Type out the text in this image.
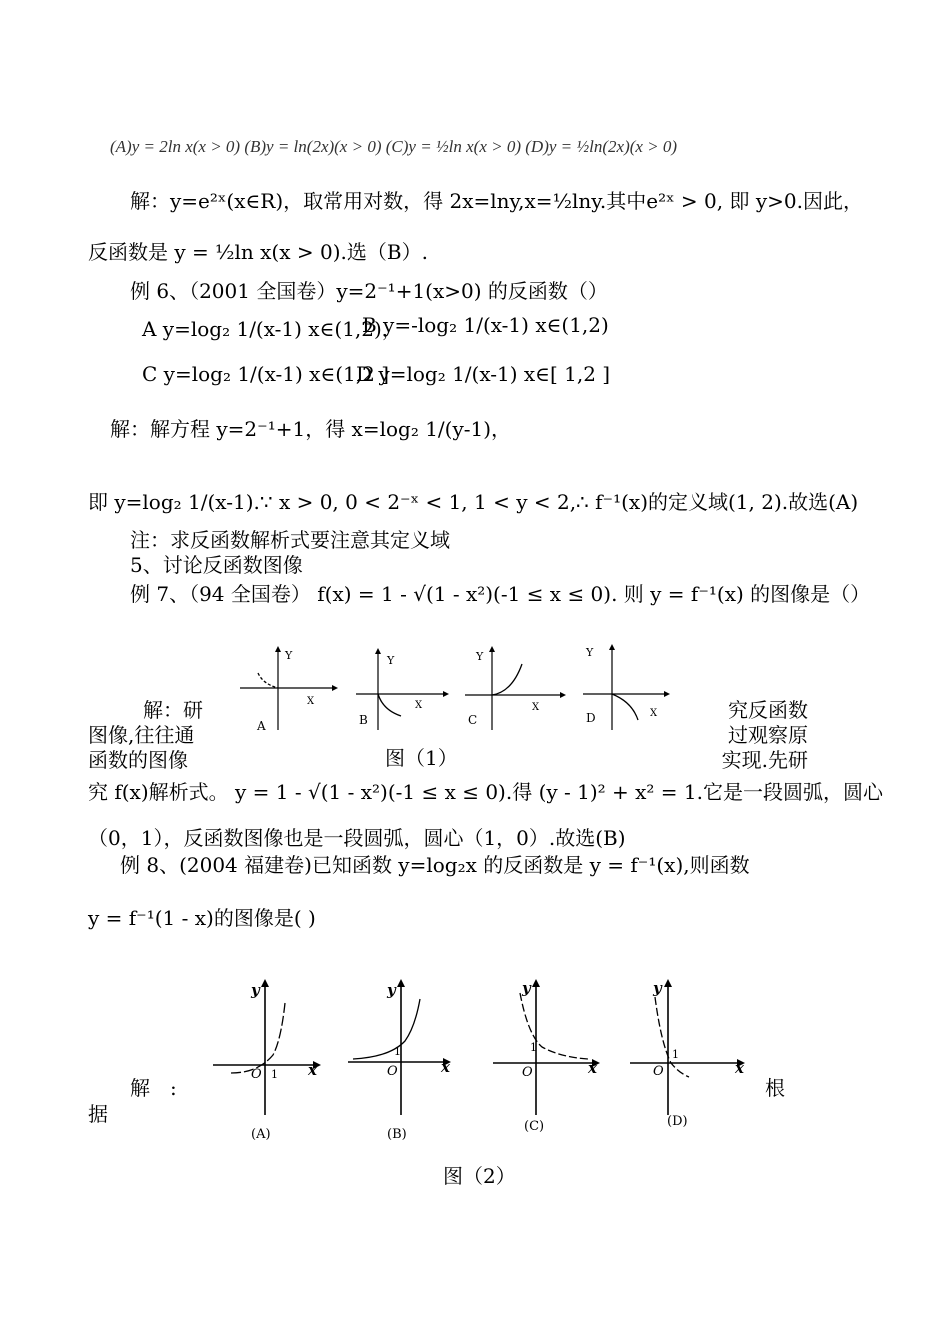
(A)y = 2ln x(x > 0) (B)y = ln(2x)(x > 0) (C)y = ½ln x(x > 0) (D)y = ½ln(2x)(x > 0)
解：y=e²ˣ(x∈R)，取常用对数，得 2x=lny,x=½lny.其中e²ˣ > 0, 即 y>0.因此，
反函数是 y = ½ln x(x > 0).选（B）.
例 6、（2001 全国卷）y=2⁻¹+1(x>0) 的反函数（）
A y=log₂ 1/(x-1) x∈(1,2)，
B y=-log₂ 1/(x-1) x∈(1,2)
C y=log₂ 1/(x-1) x∈(1,2 ]
D y=log₂ 1/(x-1) x∈[ 1,2 ]
解：解方程 y=2⁻¹+1，得 x=log₂ 1/(y-1)，
即 y=log₂ 1/(x-1).∵ x > 0, 0 < 2⁻ˣ < 1, 1 < y < 2,∴ f⁻¹(x)的定义域(1, 2).故选(A)
注：求反函数解析式要注意其定义域
5、讨论反函数图像
例 7、（94 全国卷） f(x) = 1 - √(1 - x²)(-1 ≤ x ≤ 0). 则 y = f⁻¹(x) 的图像是（）
解：研
图像,往往通
函数的图像
究反函数
过观察原
实现.先研
Y
X
A
Y
X
B
Y
X
C
Y
X
D
图（1）
究 f(x)解析式。 y = 1 - √(1 - x²)(-1 ≤ x ≤ 0).得 (y - 1)² + x² = 1.它是一段圆弧，圆心
（0，1），反函数图像也是一段圆弧，圆心（1，0）.故选(B)
例 8、(2004 福建卷)已知函数 y=log₂x 的反函数是 y = f⁻¹(x),则函数
y = f⁻¹(1 - x)的图像是( )
解　:
据
根
y
x
O 1
(A)
y
x
O
1
(B)
y
x
O
1
(C)
y
x
O
1
(D)
图（2）
